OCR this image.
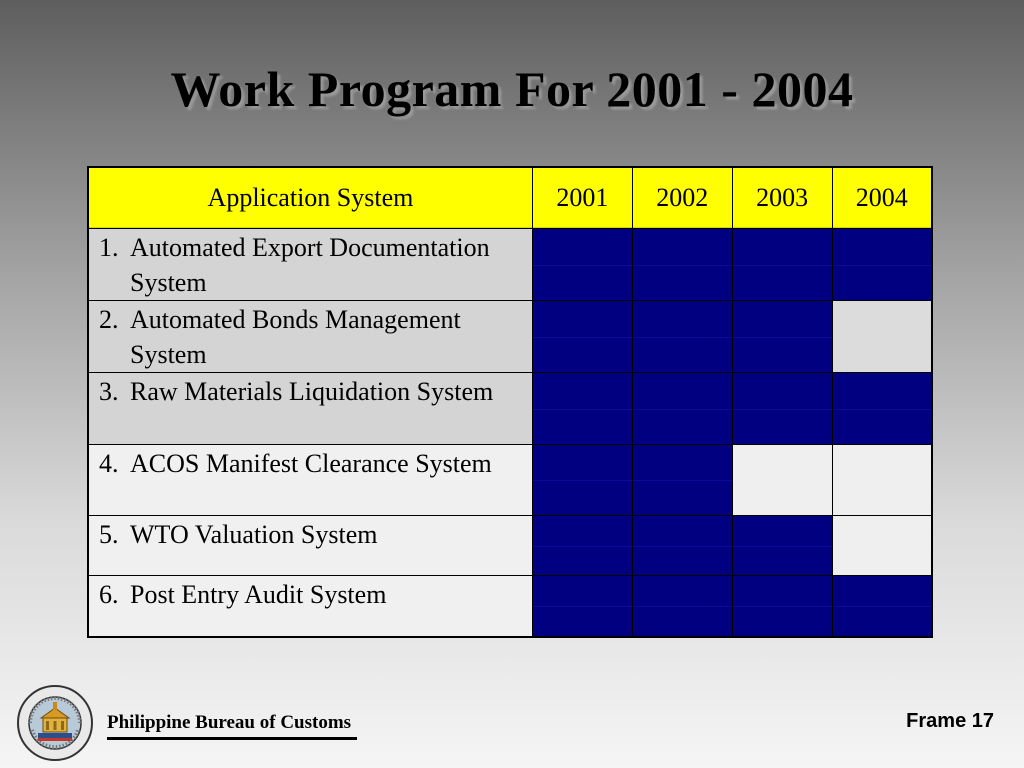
Work Program For 2001 - 2004
Application System	2001	2002	2003	2004

1. Automated Export Documentation System				

2. Automated Bonds Management System				

3. Raw Materials Liquidation System				

4. ACOS Manifest Clearance System				

5. WTO Valuation System				

6. Post Entry Audit System				

Philippine Bureau of Customs	Frame 17
